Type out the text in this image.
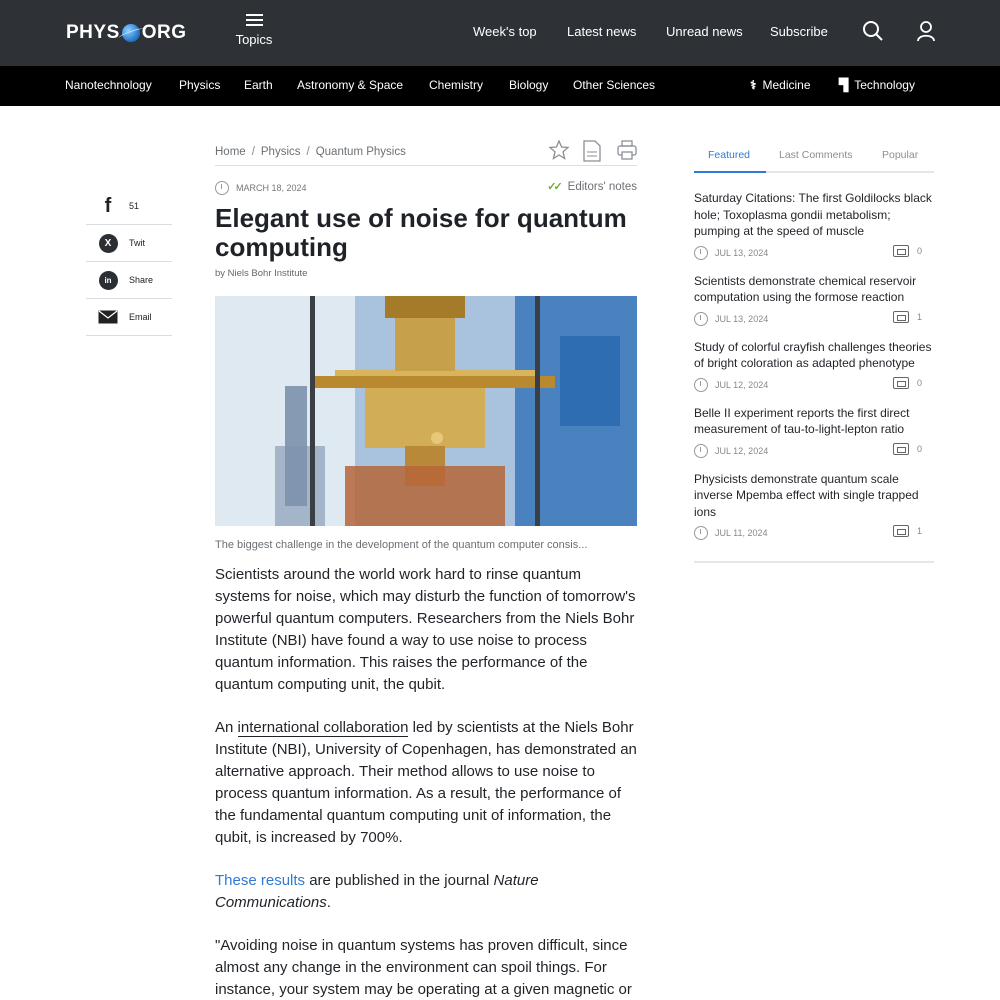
PHYS ORG	Topics
Week's top Latest news Unread news Subscribe
Nanotechnology Physics Earth Astronomy & Space Chemistry Biology Other Sciences	⚕ Medicine ▜ Technology
f	51
X	Twit
in	Share
Email
Home / Physics / Quantum Physics
MARCH 18, 2024	✓✓ Editors' notes
Elegant use of noise for quantum computing
by Niels Bohr Institute
The biggest challenge in the development of the quantum computer consis...

Scientists around the world work hard to rinse quantum systems for noise, which may disturb the function of tomorrow's powerful quantum computers. Researchers from the Niels Bohr Institute (NBI) have found a way to use noise to process quantum information. This raises the performance of the quantum computing unit, the qubit.

An international collaboration led by scientists at the Niels Bohr Institute (NBI), University of Copenhagen, has demonstrated an alternative approach. Their method allows to use noise to process quantum information. As a result, the performance of the fundamental quantum computing unit of information, the qubit, is increased by 700%.

These results are published in the journal Nature Communications.

"Avoiding noise in quantum systems has proven difficult, since almost any change in the environment can spoil things. For instance, your system may be operating at a given magnetic or

Featured	Last Comments	Popular
Saturday Citations: The first Goldilocks black hole; Toxoplasma gondii metabolism; pumping at the speed of muscle
JUL 13, 2024	0
Scientists demonstrate chemical reservoir computation using the formose reaction
JUL 13, 2024	1
Study of colorful crayfish challenges theories of bright coloration as adapted phenotype
JUL 12, 2024	0
Belle II experiment reports the first direct measurement of tau-to-light-lepton ratio
JUL 12, 2024	0
Physicists demonstrate quantum scale inverse Mpemba effect with single trapped ions
JUL 11, 2024	1
